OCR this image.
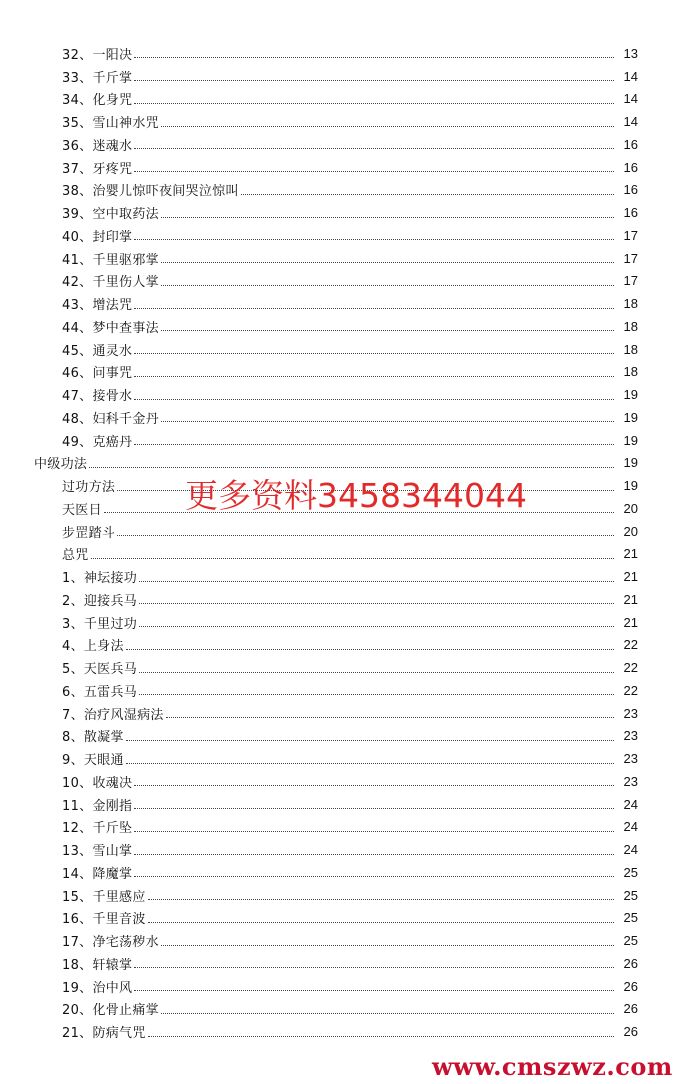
32、一阳决	13
33、千斤掌	14
34、化身咒	14
35、雪山神水咒	14
36、迷魂水	16
37、牙疼咒	16
38、治婴儿惊吓夜间哭泣惊叫	16
39、空中取药法	16
40、封印掌	17
41、千里驱邪掌	17
42、千里伤人掌	17
43、增法咒	18
44、梦中查事法	18
45、通灵水	18
46、问事咒	18
47、接骨水	19
48、妇科千金丹	19
49、克癌丹	19
中级功法	19
过功方法	19
天医日	20
步罡踏斗	20
总咒	21
1、神坛接功	21
2、迎接兵马	21
3、千里过功	21
4、上身法	22
5、天医兵马	22
6、五雷兵马	22
7、治疗风湿病法	23
8、散凝掌	23
9、天眼通	23
10、收魂决	23
11、金刚指	24
12、千斤坠	24
13、雪山掌	24
14、降魔掌	25
15、千里感应	25
16、千里音波	25
17、净宅荡秽水	25
18、轩辕掌	26
19、治中风	26
20、化骨止痛掌	26
21、防病气咒	26
更多资料3458344044
www.cmszwz.com
